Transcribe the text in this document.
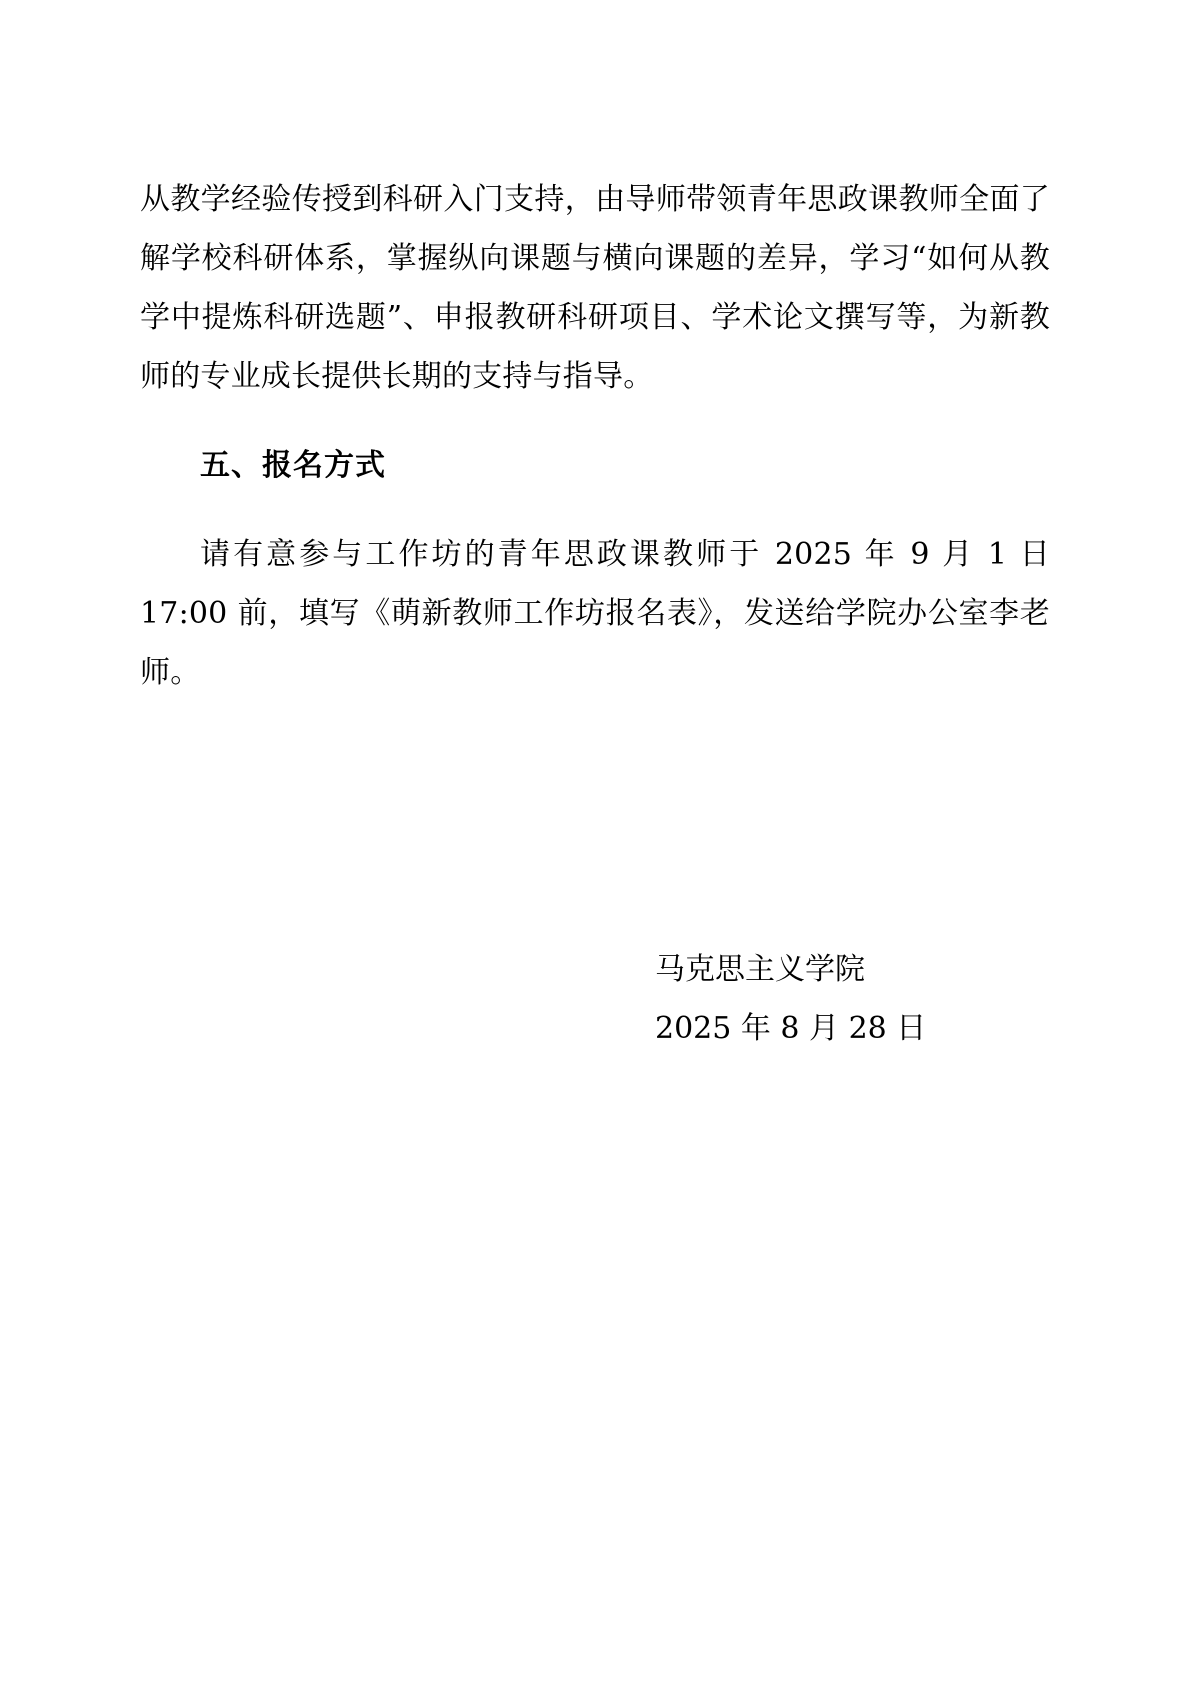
从教学经验传授到科研入门支持，由导师带领青年思政课教师全面了解学校科研体系，掌握纵向课题与横向课题的差异，学习“如何从教学中提炼科研选题”、申报教研科研项目、学术论文撰写等，为新教师的专业成长提供长期的支持与指导。

五、报名方式

请有意参与工作坊的青年思政课教师于 2025 年 9 月 1 日 17:00 前，填写《萌新教师工作坊报名表》，发送给学院办公室李老师。

马克思主义学院
2025 年 8 月 28 日
